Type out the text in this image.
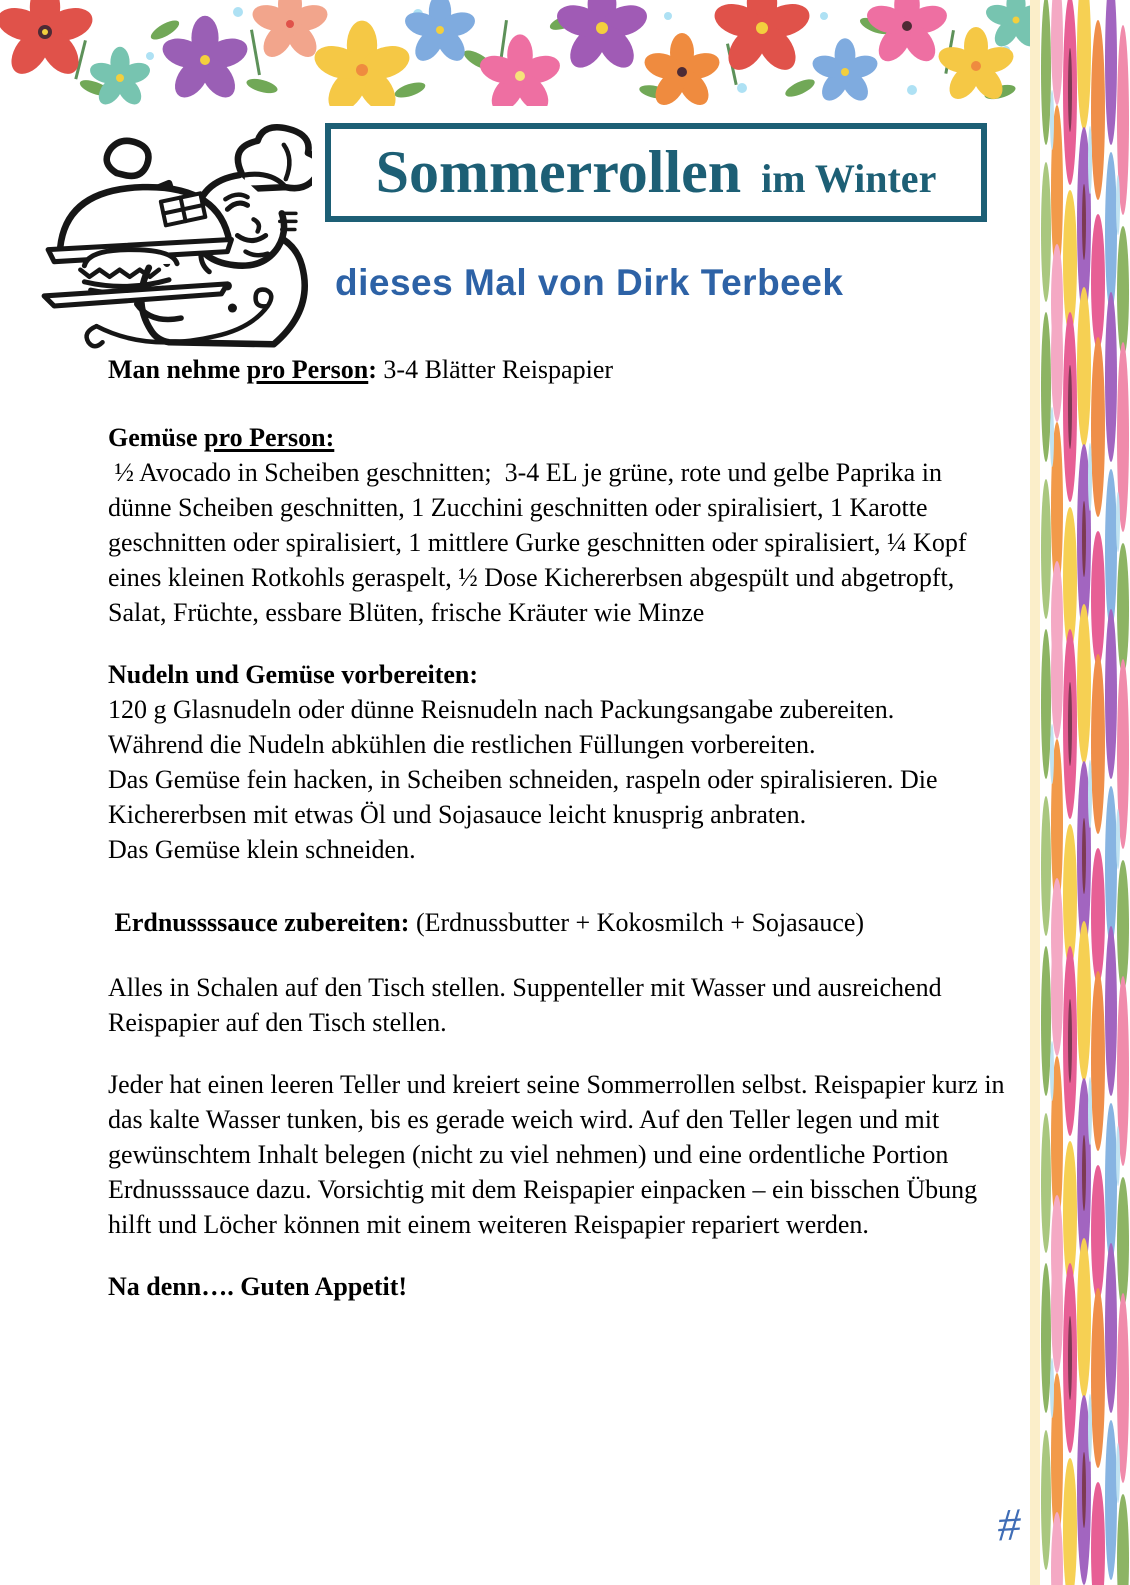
Sommerrollen im Winter
dieses Mal von Dirk Terbeek

Man nehme pro Person: 3-4 Blätter Reispapier

Gemüse pro Person:

½ Avocado in Scheiben geschnitten;  3-4 EL je grüne, rote und gelbe Paprika in dünne Scheiben geschnitten, 1 Zucchini geschnitten oder spiralisiert, 1 Karotte geschnitten oder spiralisiert, 1 mittlere Gurke geschnitten oder spiralisiert, ¼ Kopf eines kleinen Rotkohls geraspelt, ½ Dose Kichererbsen abgespült und abgetropft, Salat, Früchte, essbare Blüten, frische Kräuter wie Minze

Nudeln und Gemüse vorbereiten:

120 g Glasnudeln oder dünne Reisnudeln nach Packungsangabe zubereiten.

Während die Nudeln abkühlen die restlichen Füllungen vorbereiten.

Das Gemüse fein hacken, in Scheiben schneiden, raspeln oder spiralisieren. Die Kichererbsen mit etwas Öl und Sojasauce leicht knusprig anbraten.

Das Gemüse klein schneiden.

Erdnussssauce zubereiten: (Erdnussbutter + Kokosmilch + Sojasauce)

Alles in Schalen auf den Tisch stellen. Suppenteller mit Wasser und ausreichend Reispapier auf den Tisch stellen.

Jeder hat einen leeren Teller und kreiert seine Sommerrollen selbst. Reispapier kurz in das kalte Wasser tunken, bis es gerade weich wird. Auf den Teller legen und mit gewünschtem Inhalt belegen (nicht zu viel nehmen) und eine ordentliche Portion Erdnusssauce dazu. Vorsichtig mit dem Reispapier einpacken – ein bisschen Übung hilft und Löcher können mit einem weiteren Reispapier repariert werden.

Na denn…. Guten Appetit!

#
